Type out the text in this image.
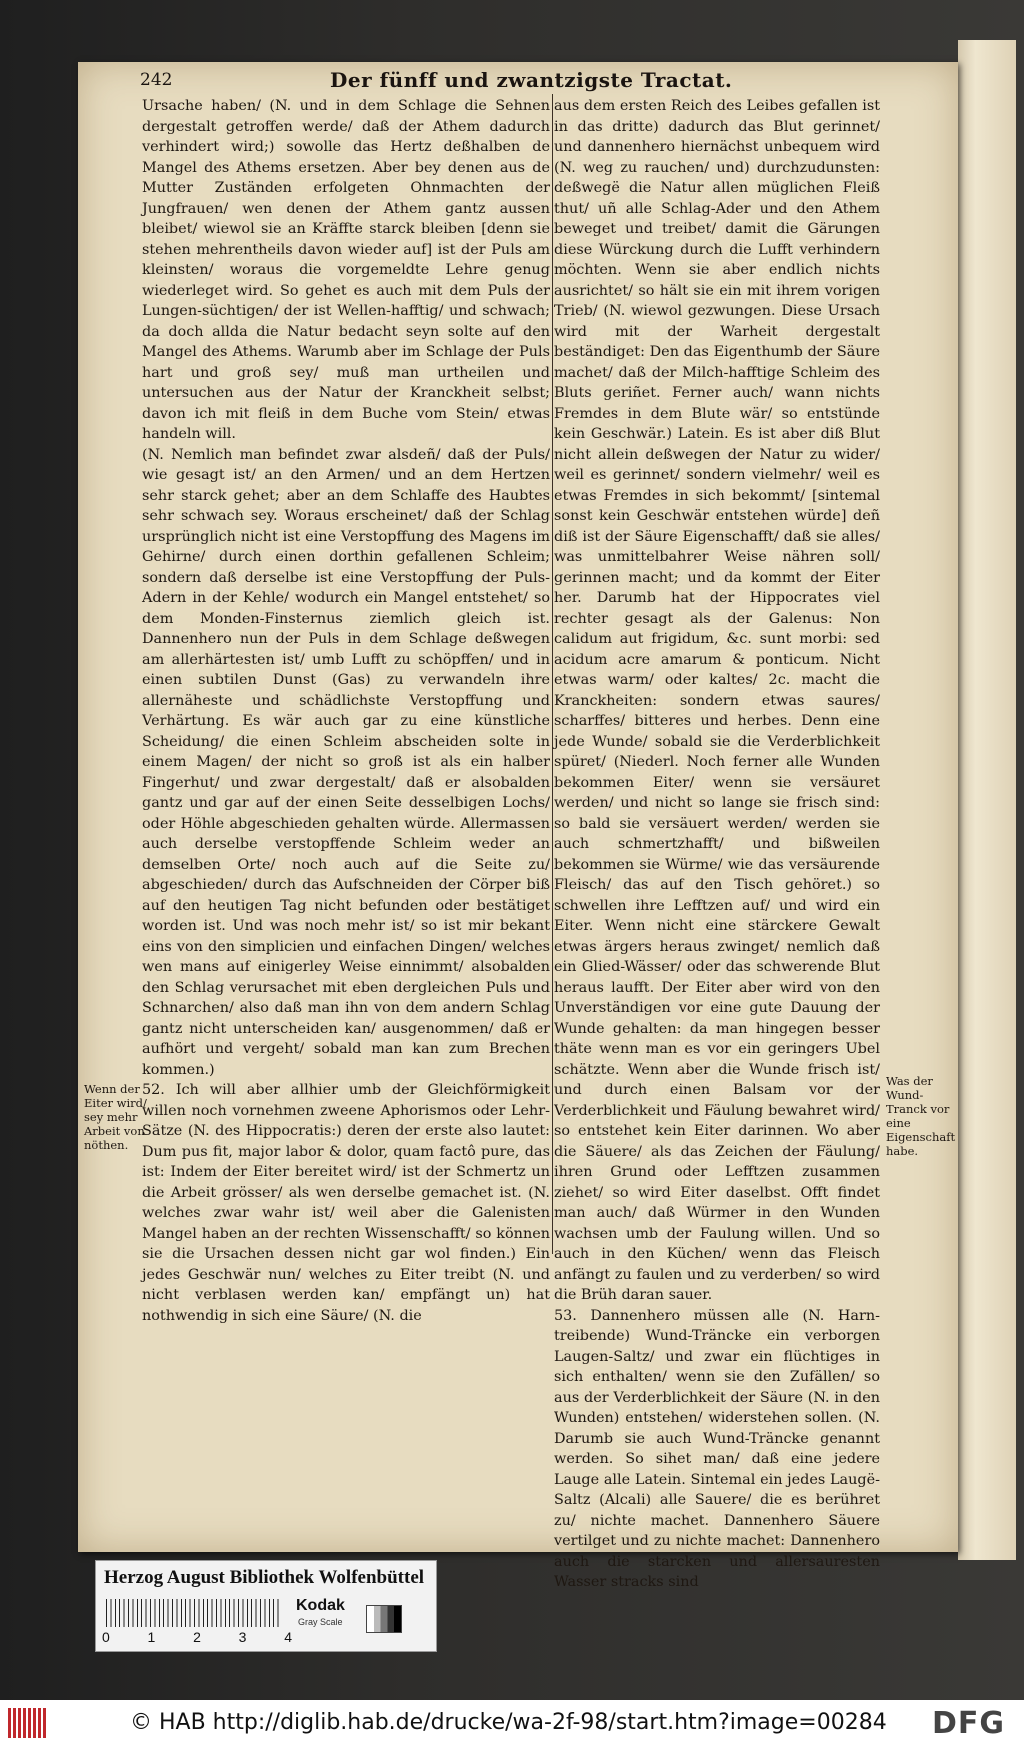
242	Der fünff und zwantzigste Tractat.

Ursache haben/ (N. und in dem Schlage die Sehnen dergestalt getroffen werde/ daß der Athem dadurch verhindert wird;) sowolle das Hertz deßhalben de Mangel des Athems ersetzen. Aber bey denen aus de Mutter Zuständen erfolgeten Ohnmachten der Jungfrauen/ wen denen der Athem gantz aussen bleibet/ wiewol sie an Kräffte starck bleiben [denn sie stehen mehrentheils davon wieder auf] ist der Puls am kleinsten/ woraus die vorgemeldte Lehre genug wiederleget wird. So gehet es auch mit dem Puls der Lungen-süchtigen/ der ist Wellen-hafftig/ und schwach; da doch allda die Natur bedacht seyn solte auf den Mangel des Athems. Warumb aber im Schlage der Puls hart und groß sey/ muß man urtheilen und untersuchen aus der Natur der Kranckheit selbst; davon ich mit fleiß in dem Buche vom Stein/ etwas handeln will.

(N. Nemlich man befindet zwar alsdeñ/ daß der Puls/ wie gesagt ist/ an den Armen/ und an dem Hertzen sehr starck gehet; aber an dem Schlaffe des Haubtes sehr schwach sey. Woraus erscheinet/ daß der Schlag ursprünglich nicht ist eine Verstopffung des Magens im Gehirne/ durch einen dorthin gefallenen Schleim; sondern daß derselbe ist eine Verstopffung der Puls-Adern in der Kehle/ wodurch ein Mangel entstehet/ so dem Monden-Finsternus ziemlich gleich ist. Dannenhero nun der Puls in dem Schlage deßwegen am allerhärtesten ist/ umb Lufft zu schöpffen/ und in einen subtilen Dunst (Gas) zu verwandeln ihre allernäheste und schädlichste Verstopffung und Verhärtung. Es wär auch gar zu eine künstliche Scheidung/ die einen Schleim abscheiden solte in einem Magen/ der nicht so groß ist als ein halber Fingerhut/ und zwar dergestalt/ daß er alsobalden gantz und gar auf der einen Seite desselbigen Lochs/ oder Höhle abgeschieden gehalten würde. Allermassen auch derselbe verstopffende Schleim weder an demselben Orte/ noch auch auf die Seite zu/ abgeschieden/ durch das Aufschneiden der Cörper biß auf den heutigen Tag nicht befunden oder bestätiget worden ist. Und was noch mehr ist/ so ist mir bekant eins von den simplicien und einfachen Dingen/ welches wen mans auf einigerley Weise einnimmt/ alsobalden den Schlag verursachet mit eben dergleichen Puls und Schnarchen/ also daß man ihn von dem andern Schlag gantz nicht unterscheiden kan/ ausgenommen/ daß er aufhört und vergeht/ sobald man kan zum Brechen kommen.)

52. Ich will aber allhier umb der Gleichförmigkeit willen noch vornehmen zweene Aphorismos oder Lehr-Sätze (N. des Hippocratis:) deren der erste also lautet: Dum pus fit, major labor & dolor, quam factô pure, das ist: Indem der Eiter bereitet wird/ ist der Schmertz un die Arbeit grösser/ als wen derselbe gemachet ist. (N. welches zwar wahr ist/ weil aber die Galenisten Mangel haben an der rechten Wissenschafft/ so können sie die Ursachen dessen nicht gar wol finden.) Ein jedes Geschwär nun/ welches zu Eiter treibt (N. und nicht verblasen werden kan/ empfängt un) hat nothwendig in sich eine Säure/ (N. die

aus dem ersten Reich des Leibes gefallen ist in das dritte) dadurch das Blut gerinnet/ und dannenhero hiernächst unbequem wird (N. weg zu rauchen/ und) durchzudunsten: deßwegë die Natur allen müglichen Fleiß thut/ uñ alle Schlag-Ader und den Athem beweget und treibet/ damit die Gärungen diese Würckung durch die Lufft verhindern möchten. Wenn sie aber endlich nichts ausrichtet/ so hält sie ein mit ihrem vorigen Trieb/ (N. wiewol gezwungen. Diese Ursach wird mit der Warheit dergestalt beständiget: Den das Eigenthumb der Säure machet/ daß der Milch-hafftige Schleim des Bluts geriñet. Ferner auch/ wann nichts Fremdes in dem Blute wär/ so entstünde kein Geschwär.) Latein. Es ist aber diß Blut nicht allein deßwegen der Natur zu wider/ weil es gerinnet/ sondern vielmehr/ weil es etwas Fremdes in sich bekommt/ [sintemal sonst kein Geschwär entstehen würde] deñ diß ist der Säure Eigenschafft/ daß sie alles/ was unmittelbahrer Weise nähren soll/ gerinnen macht; und da kommt der Eiter her. Darumb hat der Hippocrates viel rechter gesagt als der Galenus: Non calidum aut frigidum, &c. sunt morbi: sed acidum acre amarum & ponticum. Nicht etwas warm/ oder kaltes/ 2c. macht die Kranckheiten: sondern etwas saures/ scharffes/ bitteres und herbes. Denn eine jede Wunde/ sobald sie die Verderblichkeit spüret/ (Niederl. Noch ferner alle Wunden bekommen Eiter/ wenn sie versäuret werden/ und nicht so lange sie frisch sind: so bald sie versäuert werden/ werden sie auch schmertzhafft/ und bißweilen bekommen sie Würme/ wie das versäurende Fleisch/ das auf den Tisch gehöret.) so schwellen ihre Lefftzen auf/ und wird ein Eiter. Wenn nicht eine stärckere Gewalt etwas ärgers heraus zwinget/ nemlich daß ein Glied-Wässer/ oder das schwerende Blut heraus laufft. Der Eiter aber wird von den Unverständigen vor eine gute Dauung der Wunde gehalten: da man hingegen besser thäte wenn man es vor ein geringers Ubel schätzte. Wenn aber die Wunde frisch ist/ und durch einen Balsam vor der Verderblichkeit und Fäulung bewahret wird/ so entstehet kein Eiter darinnen. Wo aber die Säuere/ als das Zeichen der Fäulung/ ihren Grund oder Lefftzen zusammen ziehet/ so wird Eiter daselbst. Offt findet man auch/ daß Würmer in den Wunden wachsen umb der Faulung willen. Und so auch in den Küchen/ wenn das Fleisch anfängt zu faulen und zu verderben/ so wird die Brüh daran sauer.

53. Dannenhero müssen alle (N. Harn-treibende) Wund-Träncke ein verborgen Laugen-Saltz/ und zwar ein flüchtiges in sich enthalten/ wenn sie den Zufällen/ so aus der Verderblichkeit der Säure (N. in den Wunden) entstehen/ widerstehen sollen. (N. Darumb sie auch Wund-Träncke genannt werden. So sihet man/ daß eine jedere Lauge alle Latein. Sintemal ein jedes Laugë-Saltz (Alcali) alle Sauere/ die es berühret zu/ nichte machet. Dannenhero Säuere vertilget und zu nichte machet: Dannenhero auch die starcken und allersauresten Wasser stracks sind

Wenn der Eiter wird/ sey mehr Arbeit von nöthen.
Was der Wund-Tranck vor eine Eigenschaft habe.
Herzog August Bibliothek Wolfenbüttel
0	1	2	3	4
Kodak
Gray Scale
© HAB http://diglib.hab.de/drucke/wa-2f-98/start.htm?image=00284 DFG
